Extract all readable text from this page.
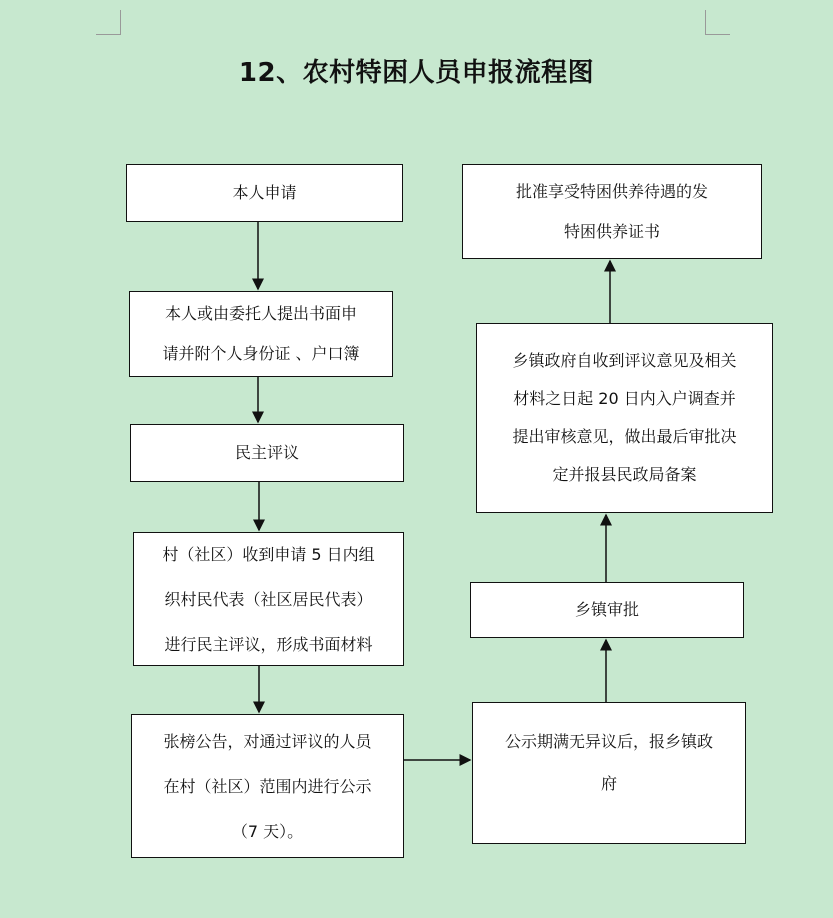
12、农村特困人员申报流程图
本人申请
本人或由委托人提出书面申
请并附个人身份证 、户口簿
民主评议
村（社区）收到申请 5 日内组
织村民代表（社区居民代表）
进行民主评议，形成书面材料
张榜公告，对通过评议的人员
在村（社区）范围内进行公示
（7 天）。
批准享受特困供养待遇的发
特困供养证书
乡镇政府自收到评议意见及相关
材料之日起 20 日内入户调查并
提出审核意见，做出最后审批决
定并报县民政局备案
乡镇审批
公示期满无异议后，报乡镇政
府
